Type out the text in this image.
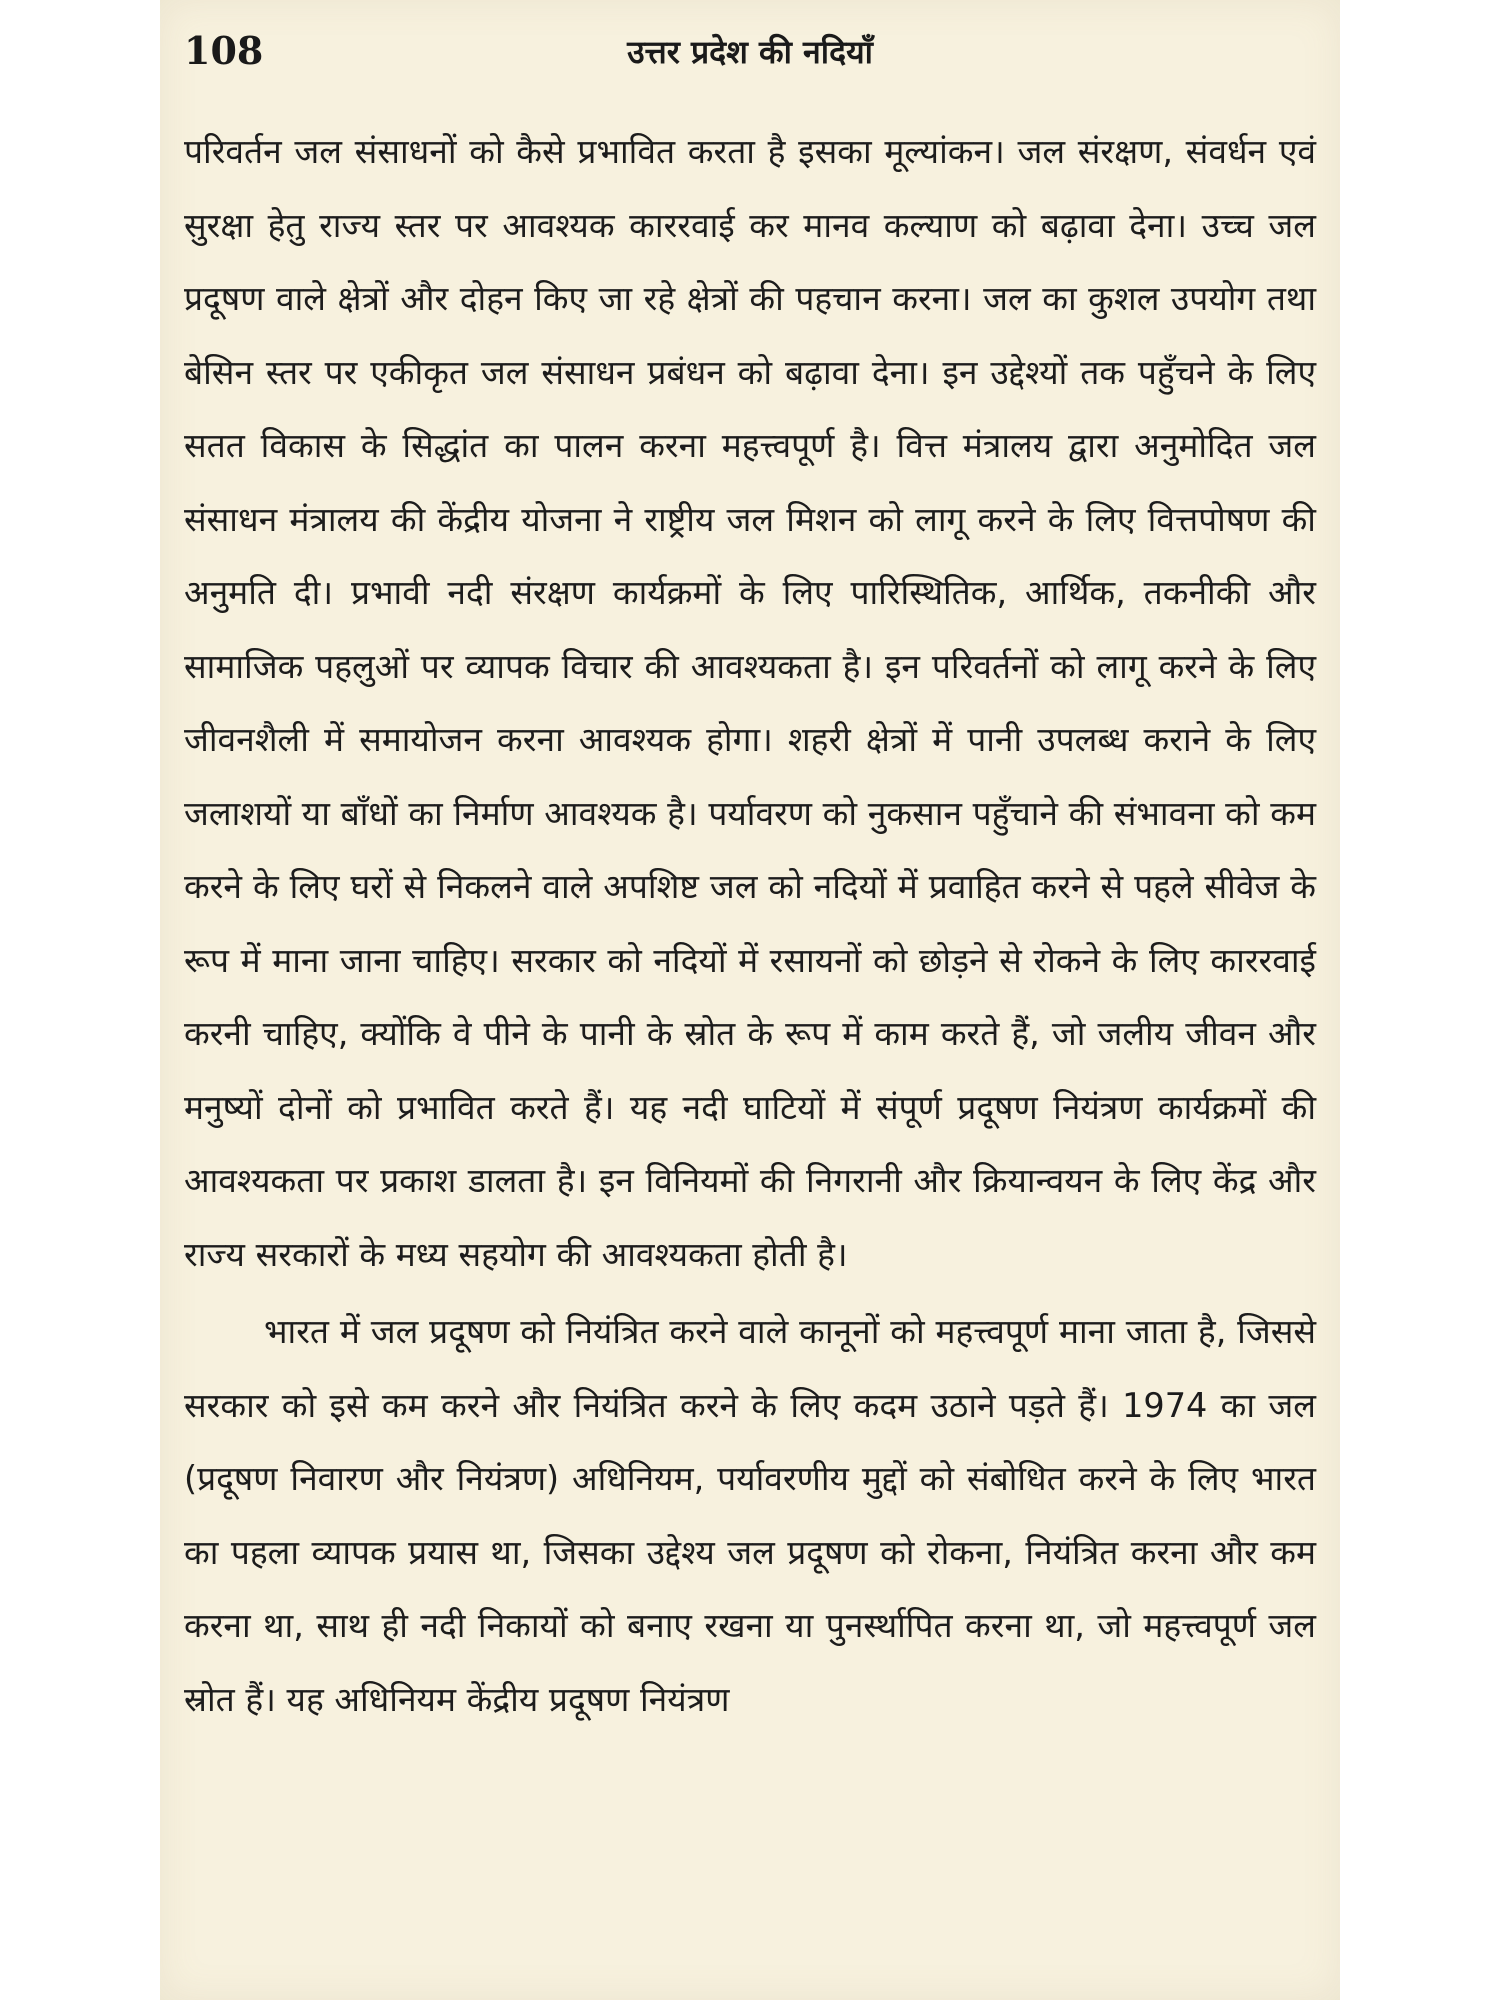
108	उत्तर प्रदेश की नदियाँ

परिवर्तन जल संसाधनों को कैसे प्रभावित करता है इसका मूल्यांकन। जल संरक्षण, संवर्धन एवं सुरक्षा हेतु राज्य स्तर पर आवश्यक काररवाई कर मानव कल्याण को बढ़ावा देना। उच्च जल प्रदूषण वाले क्षेत्रों और दोहन किए जा रहे क्षेत्रों की पहचान करना। जल का कुशल उपयोग तथा बेसिन स्तर पर एकीकृत जल संसाधन प्रबंधन को बढ़ावा देना। इन उद्देश्यों तक पहुँचने के लिए सतत विकास के सिद्धांत का पालन करना महत्त्वपूर्ण है। वित्त मंत्रालय द्वारा अनुमोदित जल संसाधन मंत्रालय की केंद्रीय योजना ने राष्ट्रीय जल मिशन को लागू करने के लिए वित्तपोषण की अनुमति दी। प्रभावी नदी संरक्षण कार्यक्रमों के लिए पारिस्थितिक, आर्थिक, तकनीकी और सामाजिक पहलुओं पर व्यापक विचार की आवश्यकता है। इन परिवर्तनों को लागू करने के लिए जीवनशैली में समायोजन करना आवश्यक होगा। शहरी क्षेत्रों में पानी उपलब्ध कराने के लिए जलाशयों या बाँधों का निर्माण आवश्यक है। पर्यावरण को नुकसान पहुँचाने की संभावना को कम करने के लिए घरों से निकलने वाले अपशिष्ट जल को नदियों में प्रवाहित करने से पहले सीवेज के रूप में माना जाना चाहिए। सरकार को नदियों में रसायनों को छोड़ने से रोकने के लिए काररवाई करनी चाहिए, क्योंकि वे पीने के पानी के स्रोत के रूप में काम करते हैं, जो जलीय जीवन और मनुष्यों दोनों को प्रभावित करते हैं। यह नदी घाटियों में संपूर्ण प्रदूषण नियंत्रण कार्यक्रमों की आवश्यकता पर प्रकाश डालता है। इन विनियमों की निगरानी और क्रियान्वयन के लिए केंद्र और राज्य सरकारों के मध्य सहयोग की आवश्यकता होती है।

भारत में जल प्रदूषण को नियंत्रित करने वाले कानूनों को महत्त्वपूर्ण माना जाता है, जिससे सरकार को इसे कम करने और नियंत्रित करने के लिए कदम उठाने पड़ते हैं। 1974 का जल (प्रदूषण निवारण और नियंत्रण) अधिनियम, पर्यावरणीय मुद्दों को संबोधित करने के लिए भारत का पहला व्यापक प्रयास था, जिसका उद्देश्य जल प्रदूषण को रोकना, नियंत्रित करना और कम करना था, साथ ही नदी निकायों को बनाए रखना या पुनर्स्थापित करना था, जो महत्त्वपूर्ण जल स्रोत हैं। यह अधिनियम केंद्रीय प्रदूषण नियंत्रण
